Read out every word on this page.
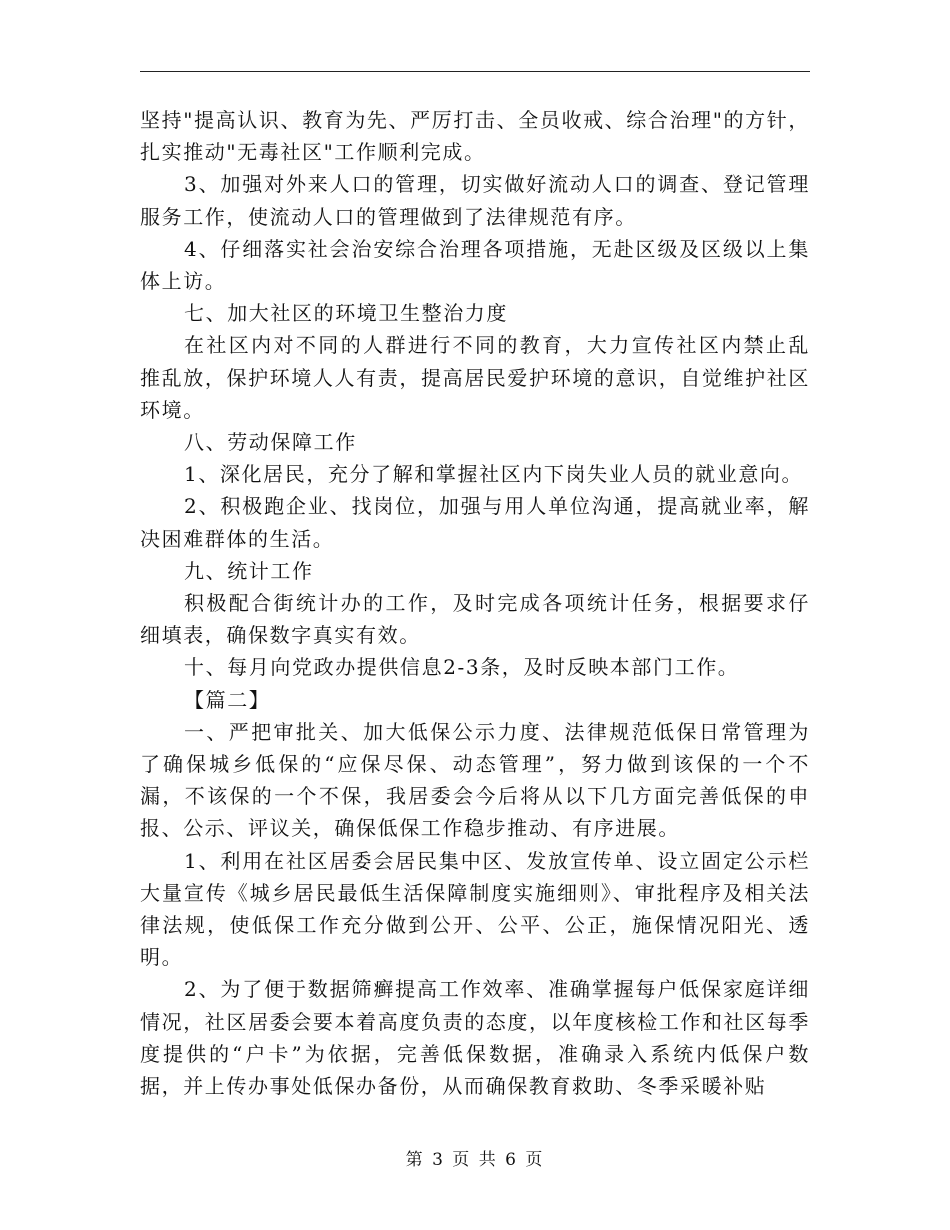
坚持"提高认识、教育为先、严厉打击、全员收戒、综合治理"的方针，扎实推动"无毒社区"工作顺利完成。

3、加强对外来人口的管理，切实做好流动人口的调查、登记管理服务工作，使流动人口的管理做到了法律规范有序。

4、仔细落实社会治安综合治理各项措施，无赴区级及区级以上集体上访。

七、加大社区的环境卫生整治力度

在社区内对不同的人群进行不同的教育，大力宣传社区内禁止乱推乱放，保护环境人人有责，提高居民爱护环境的意识，自觉维护社区环境。

八、劳动保障工作

1、深化居民，充分了解和掌握社区内下岗失业人员的就业意向。

2、积极跑企业、找岗位，加强与用人单位沟通，提高就业率，解决困难群体的生活。

九、统计工作

积极配合街统计办的工作，及时完成各项统计任务，根据要求仔细填表，确保数字真实有效。

十、每月向党政办提供信息2-3条，及时反映本部门工作。

【篇二】

一、严把审批关、加大低保公示力度、法律规范低保日常管理为了确保城乡低保的“应保尽保、动态管理”，努力做到该保的一个不漏，不该保的一个不保，我居委会今后将从以下几方面完善低保的申报、公示、评议关，确保低保工作稳步推动、有序进展。

1、利用在社区居委会居民集中区、发放宣传单、设立固定公示栏大量宣传《城乡居民最低生活保障制度实施细则》、审批程序及相关法律法规，使低保工作充分做到公开、公平、公正，施保情况阳光、透明。

2、为了便于数据筛癣提高工作效率、准确掌握每户低保家庭详细情况，社区居委会要本着高度负责的态度，以年度核检工作和社区每季度提供的“户卡”为依据，完善低保数据，准确录入系统内低保户数据，并上传办事处低保办备份，从而确保教育救助、冬季采暖补贴

第 3 页 共 6 页
